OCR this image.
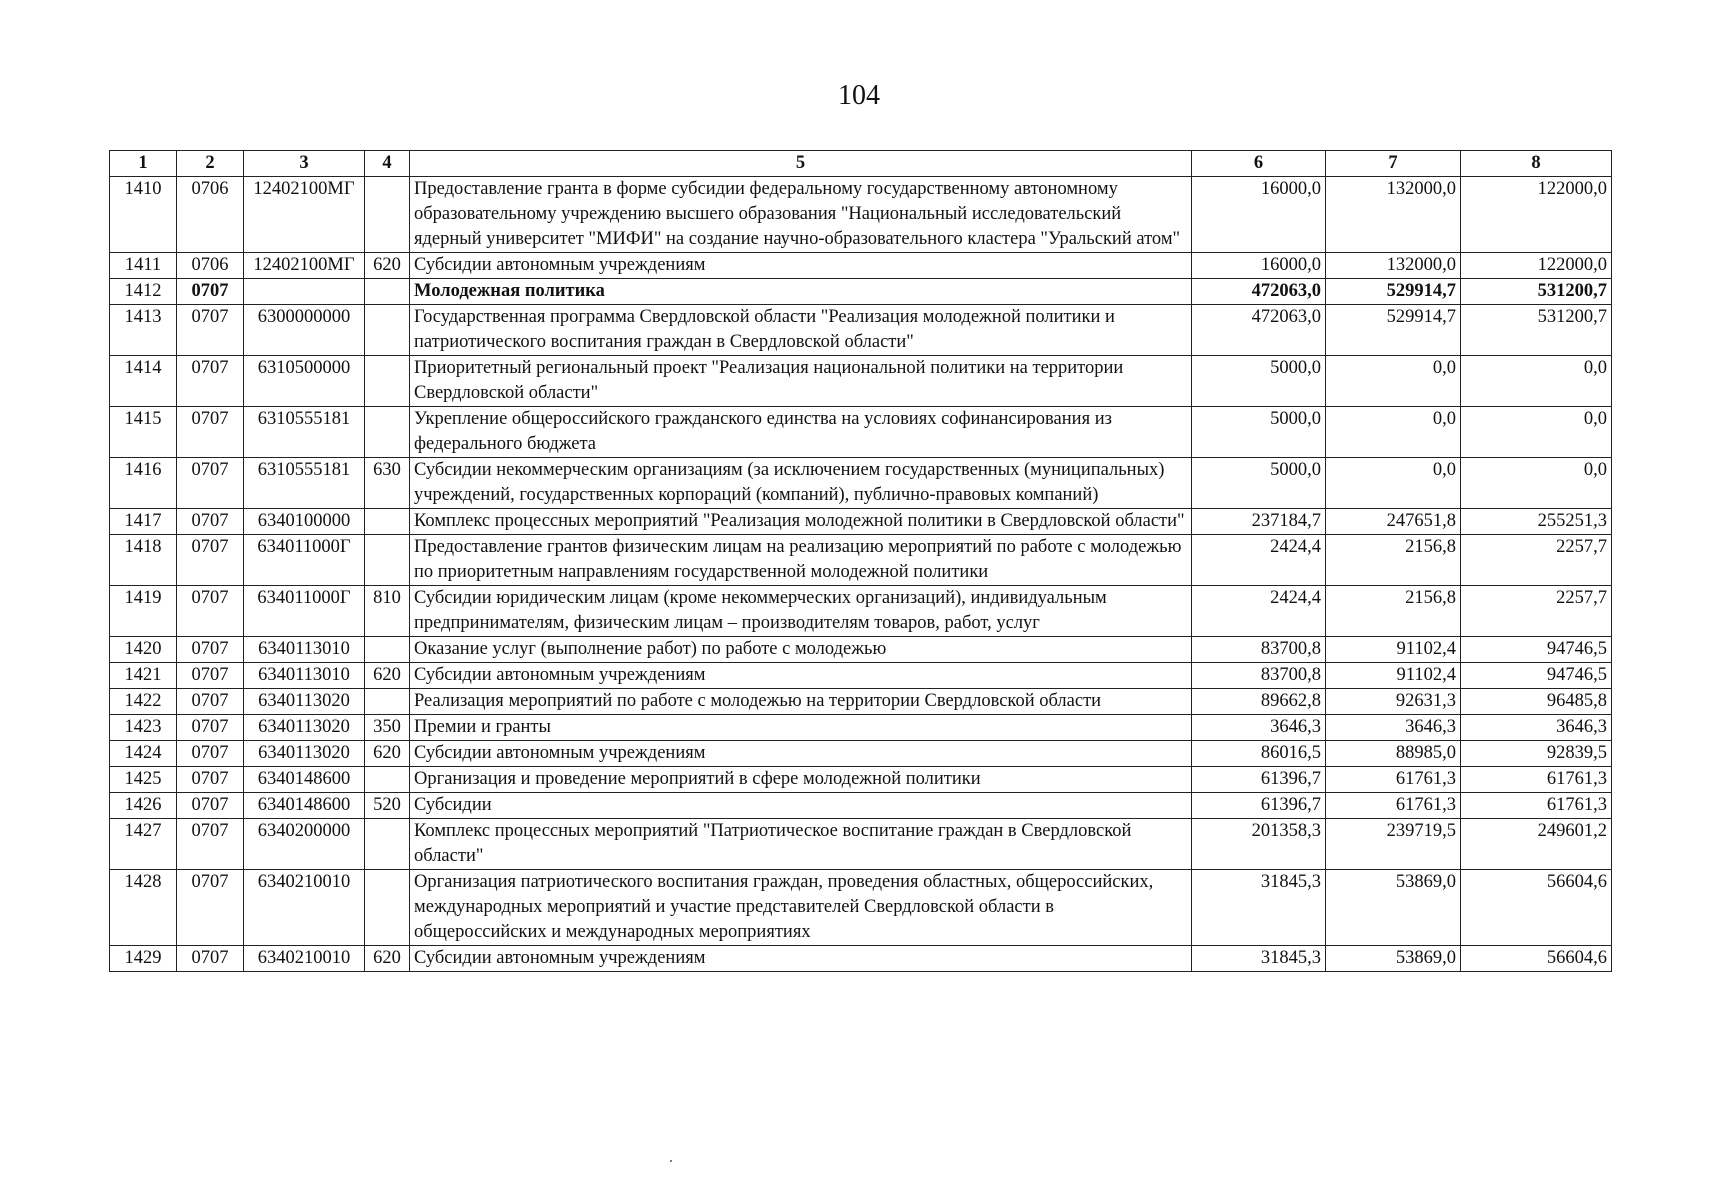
104
1	2	3	4	5	6	7	8
1410	0706	12402100МГ		Предоставление гранта в форме субсидии федеральному государственному автономному образовательному учреждению высшего образования "Национальный исследовательский ядерный университет "МИФИ" на создание научно-образовательного кластера "Уральский атом"	16000,0	132000,0	122000,0
1411	0706	12402100МГ	620	Субсидии автономным учреждениям	16000,0	132000,0	122000,0
1412	0707			Молодежная политика	472063,0	529914,7	531200,7
1413	0707	6300000000		Государственная программа Свердловской области "Реализация молодежной политики и патриотического воспитания граждан в Свердловской области"	472063,0	529914,7	531200,7
1414	0707	6310500000		Приоритетный региональный проект "Реализация национальной политики на территории Свердловской области"	5000,0	0,0	0,0
1415	0707	6310555181		Укрепление общероссийского гражданского единства на условиях софинансирования из федерального бюджета	5000,0	0,0	0,0
1416	0707	6310555181	630	Субсидии некоммерческим организациям (за исключением государственных (муниципальных) учреждений, государственных корпораций (компаний), публично-правовых компаний)	5000,0	0,0	0,0
1417	0707	6340100000		Комплекс процессных мероприятий "Реализация молодежной политики в Свердловской области"	237184,7	247651,8	255251,3
1418	0707	634011000Г		Предоставление грантов физическим лицам на реализацию мероприятий по работе с молодежью по приоритетным направлениям государственной молодежной политики	2424,4	2156,8	2257,7
1419	0707	634011000Г	810	Субсидии юридическим лицам (кроме некоммерческих организаций), индивидуальным предпринимателям, физическим лицам – производителям товаров, работ, услуг	2424,4	2156,8	2257,7
1420	0707	6340113010		Оказание услуг (выполнение работ) по работе с молодежью	83700,8	91102,4	94746,5
1421	0707	6340113010	620	Субсидии автономным учреждениям	83700,8	91102,4	94746,5
1422	0707	6340113020		Реализация мероприятий по работе с молодежью на территории Свердловской области	89662,8	92631,3	96485,8
1423	0707	6340113020	350	Премии и гранты	3646,3	3646,3	3646,3
1424	0707	6340113020	620	Субсидии автономным учреждениям	86016,5	88985,0	92839,5
1425	0707	6340148600		Организация и проведение мероприятий в сфере молодежной политики	61396,7	61761,3	61761,3
1426	0707	6340148600	520	Субсидии	61396,7	61761,3	61761,3
1427	0707	6340200000		Комплекс процессных мероприятий "Патриотическое воспитание граждан в Свердловской области"	201358,3	239719,5	249601,2
1428	0707	6340210010		Организация патриотического воспитания граждан, проведения областных, общероссийских, международных мероприятий и участие представителей Свердловской области в общероссийских и международных мероприятиях	31845,3	53869,0	56604,6
1429	0707	6340210010	620	Субсидии автономным учреждениям	31845,3	53869,0	56604,6
